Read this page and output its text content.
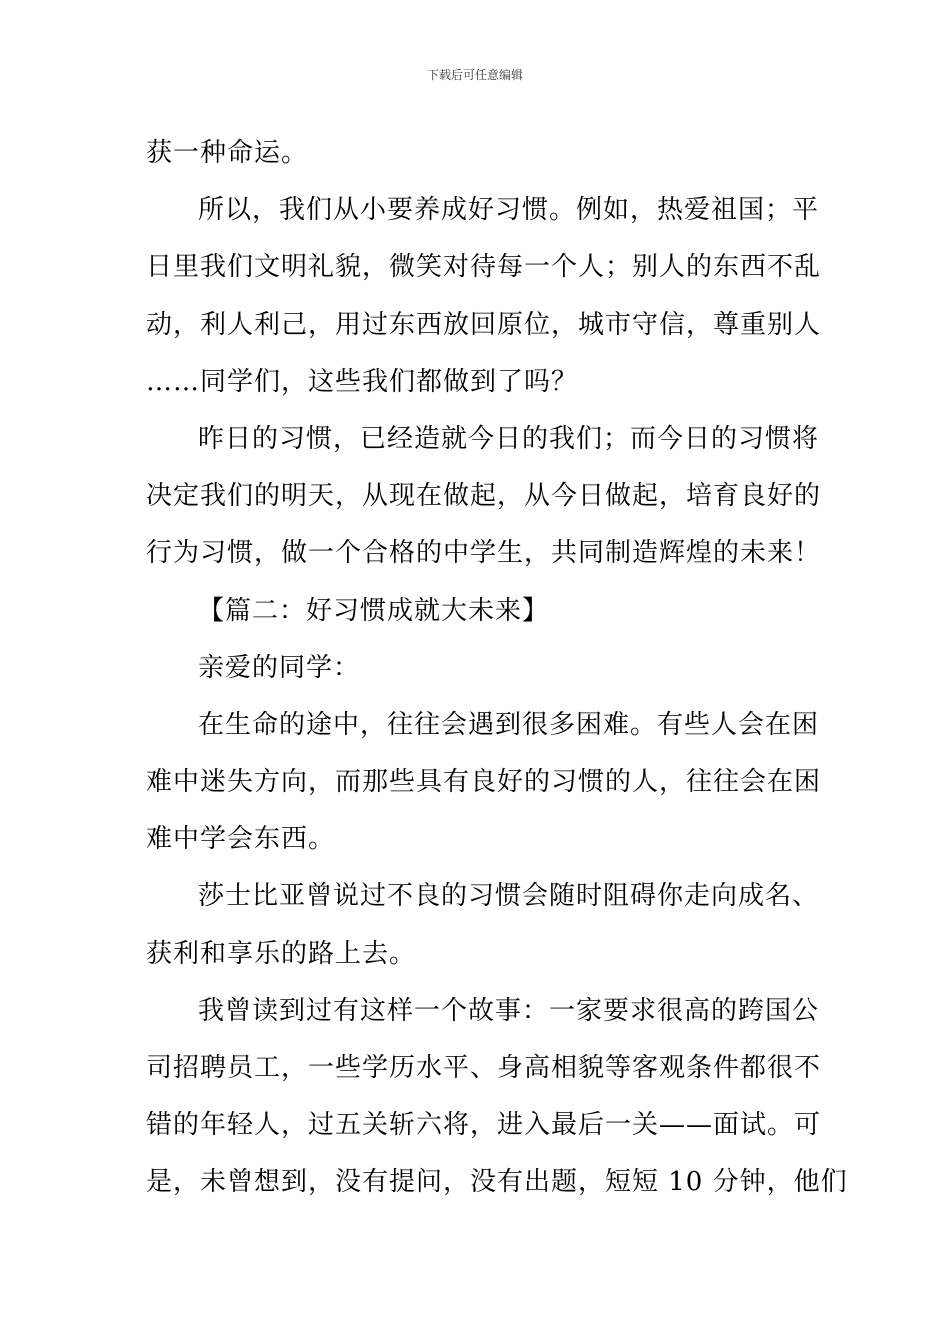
下载后可任意编辑
获一种命运。
所以，我们从小要养成好习惯。例如，热爱祖国；平
日里我们文明礼貌，微笑对待每一个人；别人的东西不乱
动，利人利己，用过东西放回原位，城市守信，尊重别人
……同学们，这些我们都做到了吗？
昨日的习惯，已经造就今日的我们；而今日的习惯将
决定我们的明天，从现在做起，从今日做起，培育良好的
行为习惯，做一个合格的中学生，共同制造辉煌的未来！
【篇二：好习惯成就大未来】
亲爱的同学：
在生命的途中，往往会遇到很多困难。有些人会在困
难中迷失方向，而那些具有良好的习惯的人，往往会在困
难中学会东西。
莎士比亚曾说过不良的习惯会随时阻碍你走向成名、
获利和享乐的路上去。
我曾读到过有这样一个故事：一家要求很高的跨国公
司招聘员工，一些学历水平、身高相貌等客观条件都很不
错的年轻人，过五关斩六将，进入最后一关——面试。可
是，未曾想到，没有提问，没有出题，短短 10 分钟，他们
